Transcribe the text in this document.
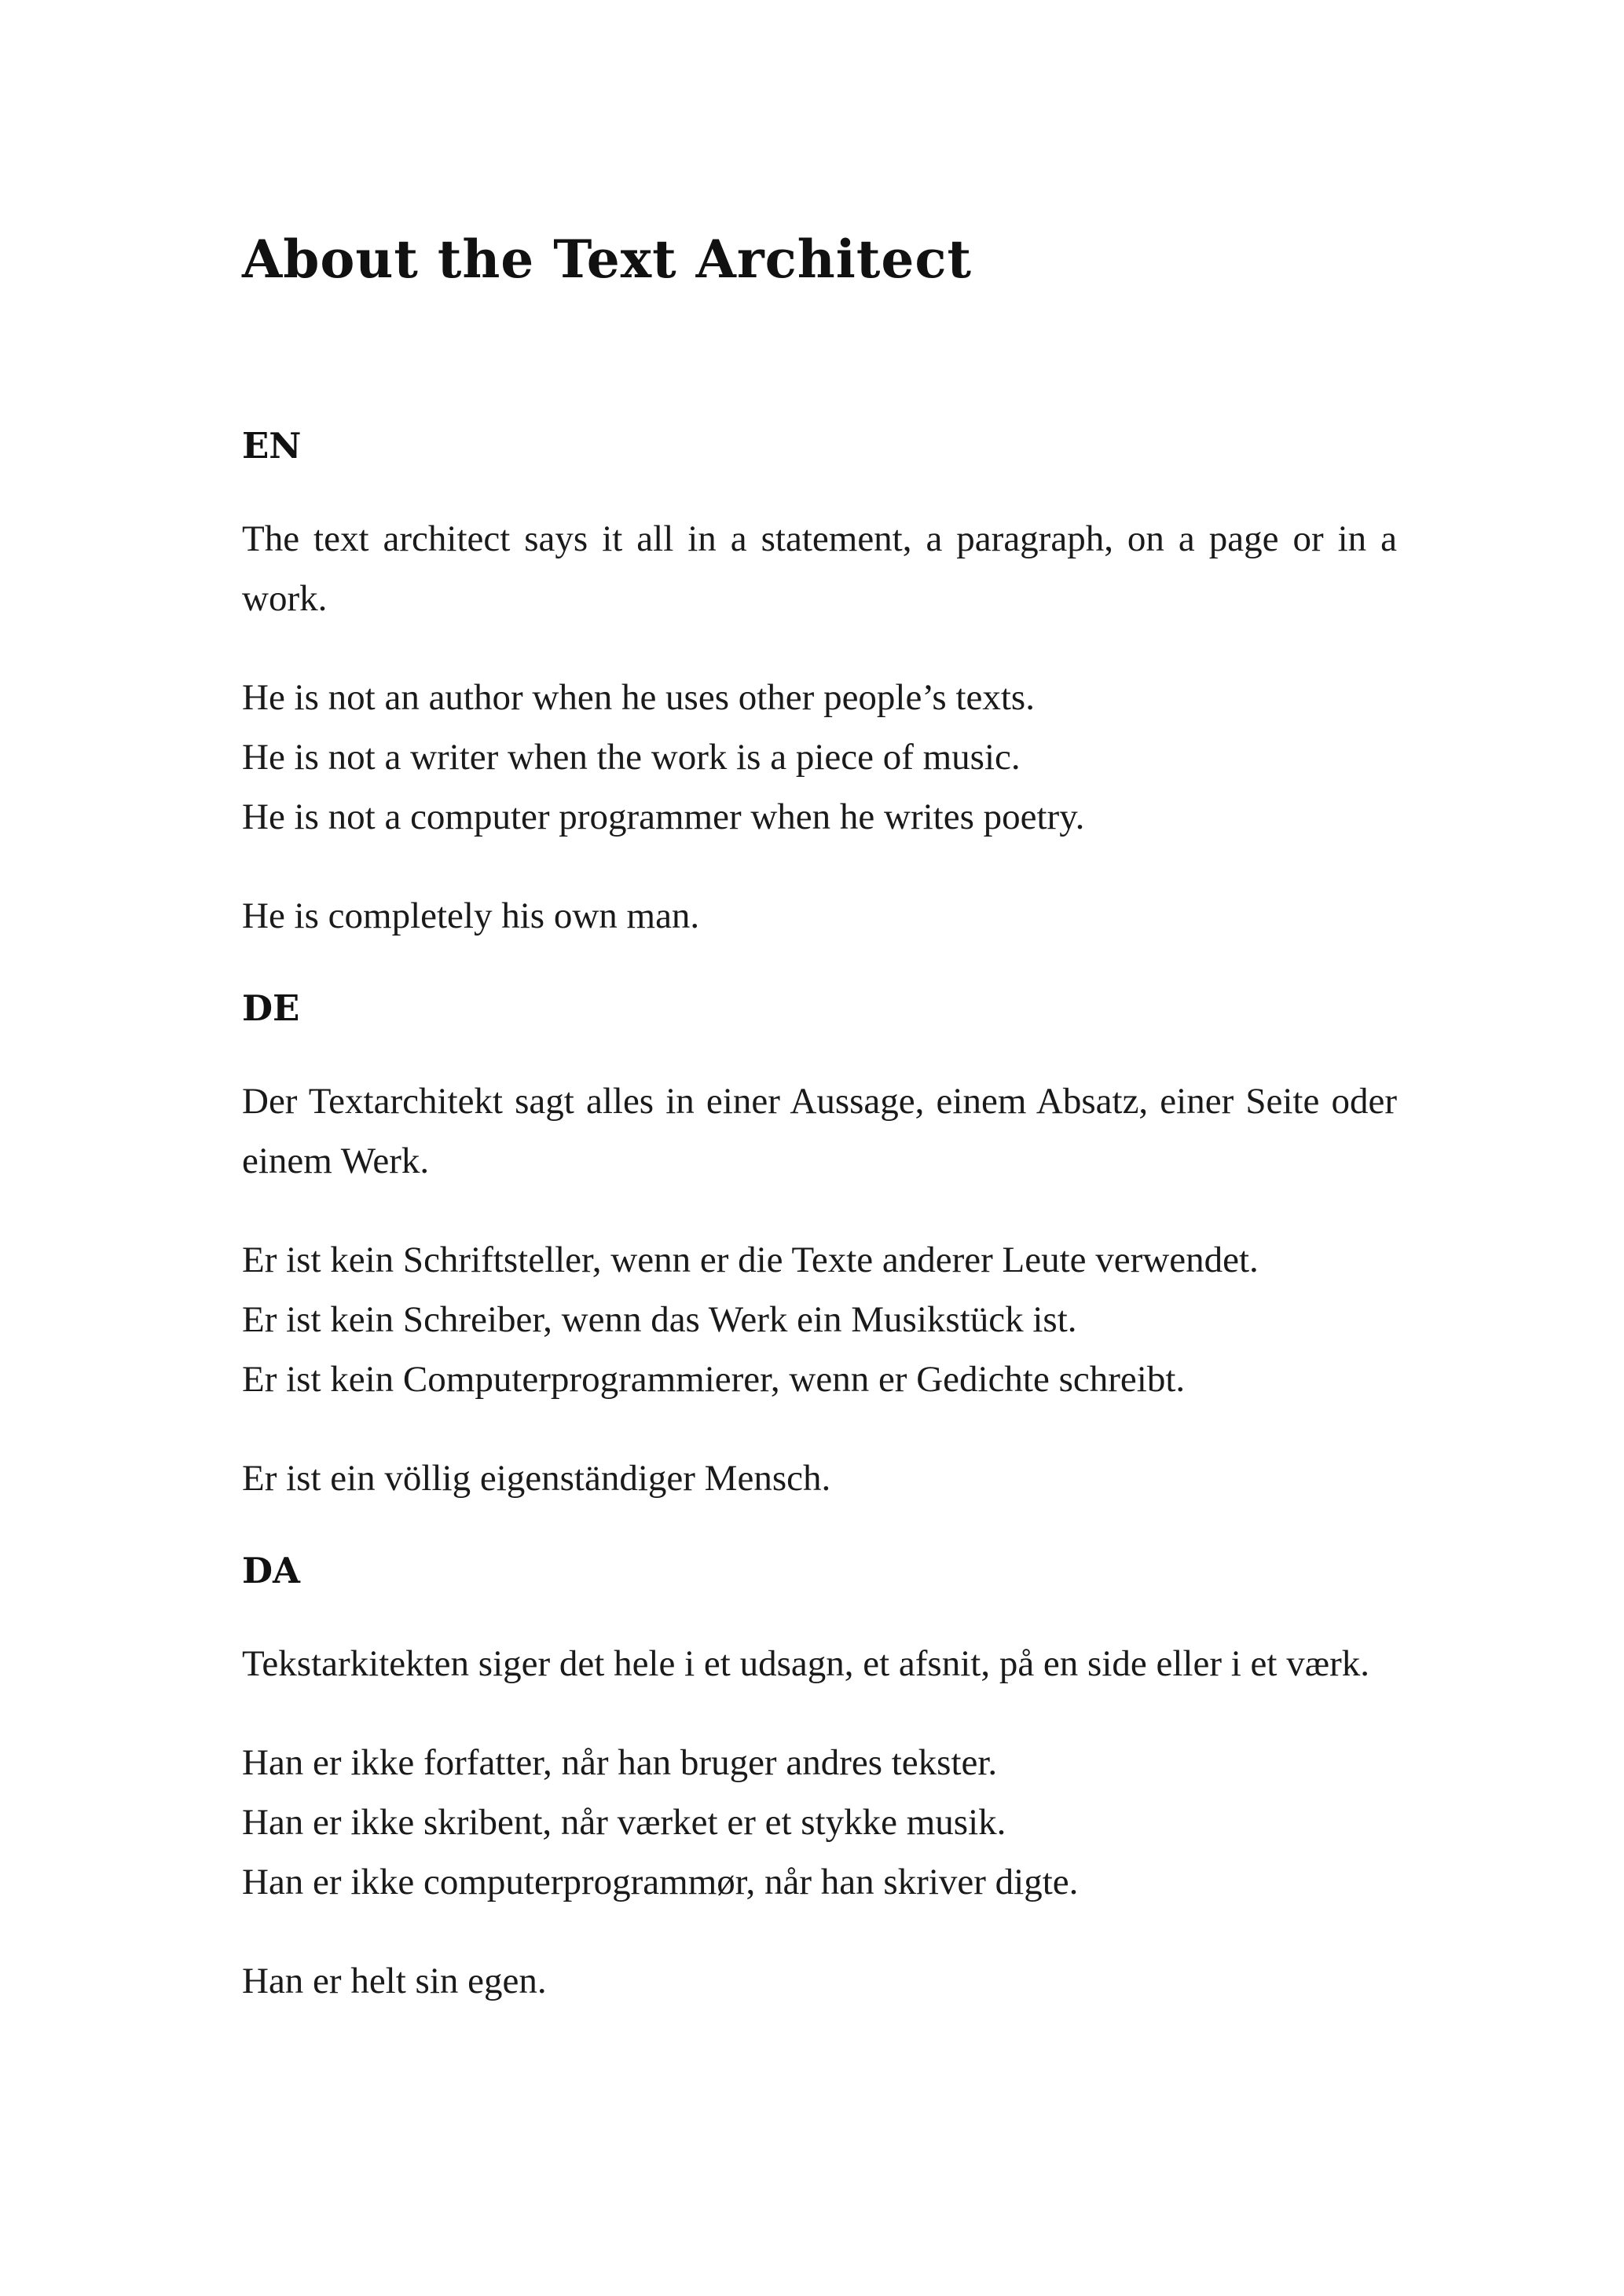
About the Text Architect
EN

The text architect says it all in a statement, a paragraph, on a page or in a work.

He is not an author when he uses other people’s texts.
He is not a writer when the work is a piece of music.
He is not a computer programmer when he writes poetry.

He is completely his own man.

DE

Der Textarchitekt sagt alles in einer Aussage, einem Absatz, einer Seite oder einem Werk.

Er ist kein Schriftsteller, wenn er die Texte anderer Leute verwendet.
Er ist kein Schreiber, wenn das Werk ein Musikstück ist.
Er ist kein Computerprogrammierer, wenn er Gedichte schreibt.

Er ist ein völlig eigenständiger Mensch.

DA

Tekstarkitekten siger det hele i et udsagn, et afsnit, på en side eller i et værk.

Han er ikke forfatter, når han bruger andres tekster.
Han er ikke skribent, når værket er et stykke musik.
Han er ikke computerprogrammør, når han skriver digte.

Han er helt sin egen.
